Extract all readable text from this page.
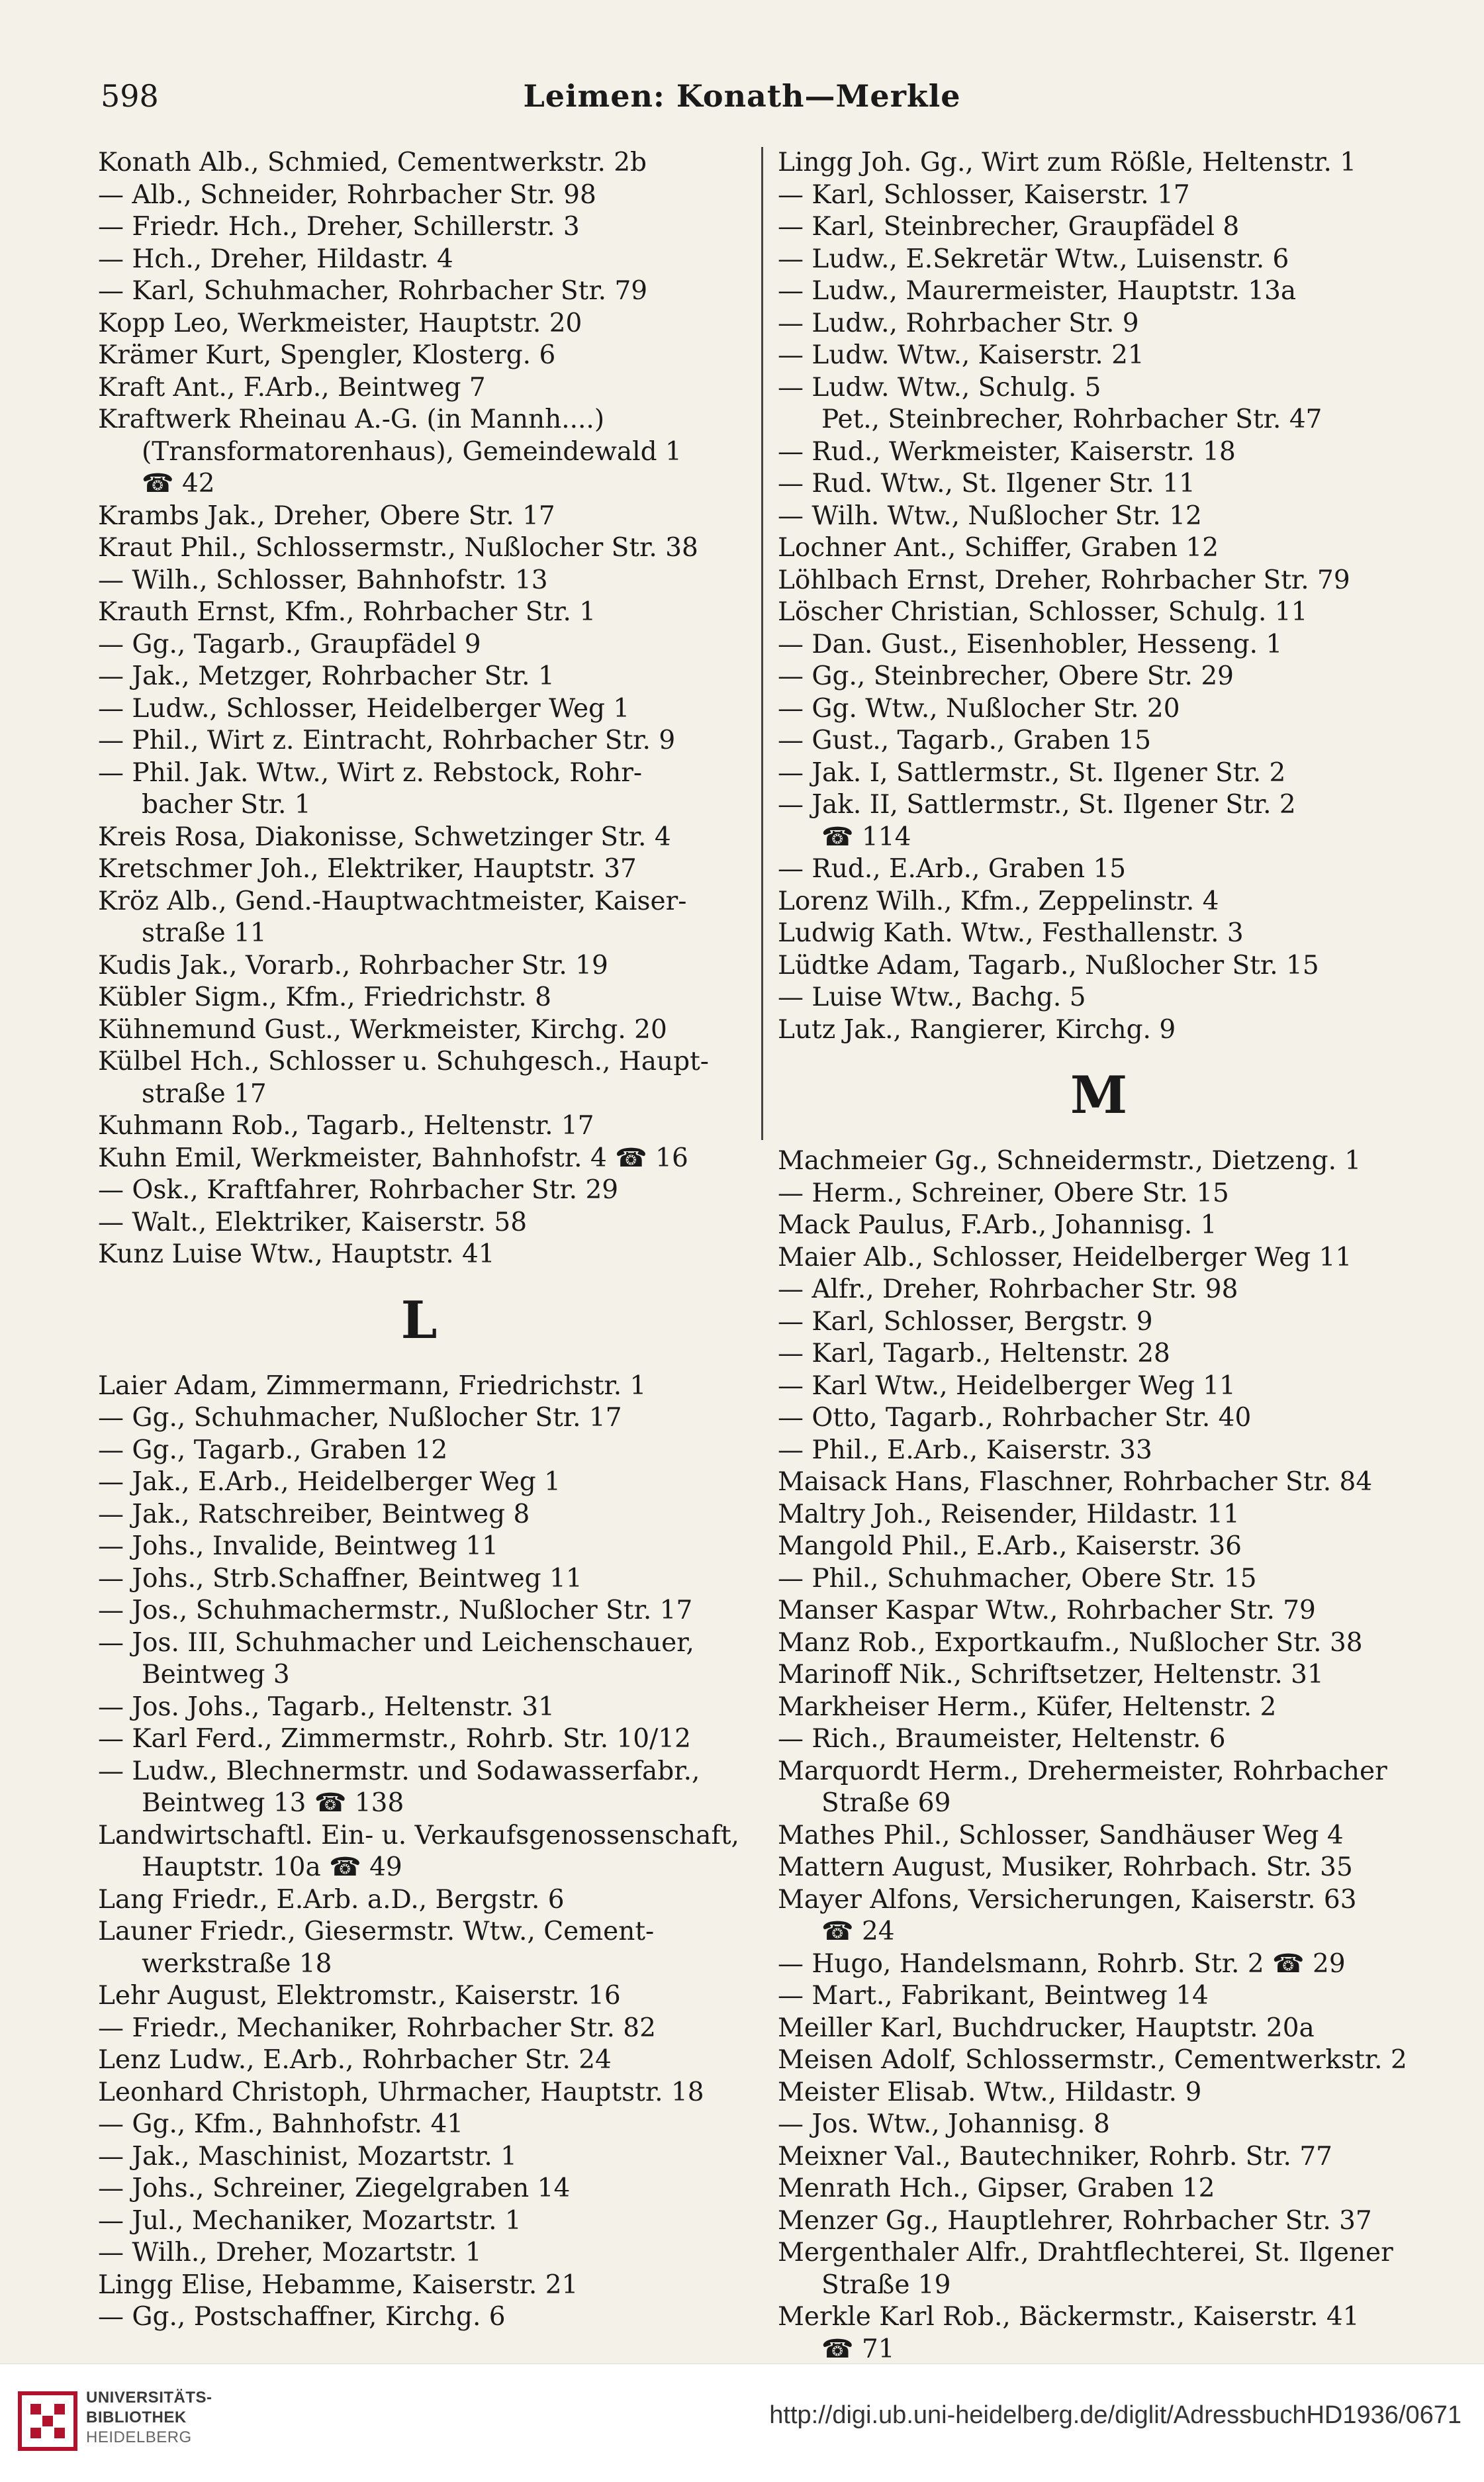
598	Leimen: Konath—Merkle
Konath Alb., Schmied, Cementwerkstr. 2b
— Alb., Schneider, Rohrbacher Str. 98
— Friedr. Hch., Dreher, Schillerstr. 3
— Hch., Dreher, Hildastr. 4
— Karl, Schuhmacher, Rohrbacher Str. 79
Kopp Leo, Werkmeister, Hauptstr. 20
Krämer Kurt, Spengler, Klosterg. 6
Kraft Ant., F.Arb., Beintweg 7
Kraftwerk Rheinau A.-G. (in Mannh....)
(Transformatorenhaus), Gemeindewald 1
☎ 42
Krambs Jak., Dreher, Obere Str. 17
Kraut Phil., Schlossermstr., Nußlocher Str. 38
— Wilh., Schlosser, Bahnhofstr. 13
Krauth Ernst, Kfm., Rohrbacher Str. 1
— Gg., Tagarb., Graupfädel 9
— Jak., Metzger, Rohrbacher Str. 1
— Ludw., Schlosser, Heidelberger Weg 1
— Phil., Wirt z. Eintracht, Rohrbacher Str. 9
— Phil. Jak. Wtw., Wirt z. Rebstock, Rohr-
bacher Str. 1
Kreis Rosa, Diakonisse, Schwetzinger Str. 4
Kretschmer Joh., Elektriker, Hauptstr. 37
Kröz Alb., Gend.-Hauptwachtmeister, Kaiser-
straße 11
Kudis Jak., Vorarb., Rohrbacher Str. 19
Kübler Sigm., Kfm., Friedrichstr. 8
Kühnemund Gust., Werkmeister, Kirchg. 20
Külbel Hch., Schlosser u. Schuhgesch., Haupt-
straße 17
Kuhmann Rob., Tagarb., Heltenstr. 17
Kuhn Emil, Werkmeister, Bahnhofstr. 4 ☎ 16
— Osk., Kraftfahrer, Rohrbacher Str. 29
— Walt., Elektriker, Kaiserstr. 58
Kunz Luise Wtw., Hauptstr. 41
L
Laier Adam, Zimmermann, Friedrichstr. 1
— Gg., Schuhmacher, Nußlocher Str. 17
— Gg., Tagarb., Graben 12
— Jak., E.Arb., Heidelberger Weg 1
— Jak., Ratschreiber, Beintweg 8
— Johs., Invalide, Beintweg 11
— Johs., Strb.Schaffner, Beintweg 11
— Jos., Schuhmachermstr., Nußlocher Str. 17
— Jos. III, Schuhmacher und Leichenschauer,
Beintweg 3
— Jos. Johs., Tagarb., Heltenstr. 31
— Karl Ferd., Zimmermstr., Rohrb. Str. 10/12
— Ludw., Blechnermstr. und Sodawasserfabr.,
Beintweg 13 ☎ 138
Landwirtschaftl. Ein- u. Verkaufsgenossenschaft,
Hauptstr. 10a ☎ 49
Lang Friedr., E.Arb. a.D., Bergstr. 6
Launer Friedr., Giesermstr. Wtw., Cement-
werkstraße 18
Lehr August, Elektromstr., Kaiserstr. 16
— Friedr., Mechaniker, Rohrbacher Str. 82
Lenz Ludw., E.Arb., Rohrbacher Str. 24
Leonhard Christoph, Uhrmacher, Hauptstr. 18
— Gg., Kfm., Bahnhofstr. 41
— Jak., Maschinist, Mozartstr. 1
— Johs., Schreiner, Ziegelgraben 14
— Jul., Mechaniker, Mozartstr. 1
— Wilh., Dreher, Mozartstr. 1
Lingg Elise, Hebamme, Kaiserstr. 21
— Gg., Postschaffner, Kirchg. 6
Lingg Joh. Gg., Wirt zum Rößle, Heltenstr. 1
— Karl, Schlosser, Kaiserstr. 17
— Karl, Steinbrecher, Graupfädel 8
— Ludw., E.Sekretär Wtw., Luisenstr. 6
— Ludw., Maurermeister, Hauptstr. 13a
— Ludw., Rohrbacher Str. 9
— Ludw. Wtw., Kaiserstr. 21
— Ludw. Wtw., Schulg. 5
Pet., Steinbrecher, Rohrbacher Str. 47
— Rud., Werkmeister, Kaiserstr. 18
— Rud. Wtw., St. Ilgener Str. 11
— Wilh. Wtw., Nußlocher Str. 12
Lochner Ant., Schiffer, Graben 12
Löhlbach Ernst, Dreher, Rohrbacher Str. 79
Löscher Christian, Schlosser, Schulg. 11
— Dan. Gust., Eisenhobler, Hesseng. 1
— Gg., Steinbrecher, Obere Str. 29
— Gg. Wtw., Nußlocher Str. 20
— Gust., Tagarb., Graben 15
— Jak. I, Sattlermstr., St. Ilgener Str. 2
— Jak. II, Sattlermstr., St. Ilgener Str. 2
☎ 114
— Rud., E.Arb., Graben 15
Lorenz Wilh., Kfm., Zeppelinstr. 4
Ludwig Kath. Wtw., Festhallenstr. 3
Lüdtke Adam, Tagarb., Nußlocher Str. 15
— Luise Wtw., Bachg. 5
Lutz Jak., Rangierer, Kirchg. 9
M
Machmeier Gg., Schneidermstr., Dietzeng. 1
— Herm., Schreiner, Obere Str. 15
Mack Paulus, F.Arb., Johannisg. 1
Maier Alb., Schlosser, Heidelberger Weg 11
— Alfr., Dreher, Rohrbacher Str. 98
— Karl, Schlosser, Bergstr. 9
— Karl, Tagarb., Heltenstr. 28
— Karl Wtw., Heidelberger Weg 11
— Otto, Tagarb., Rohrbacher Str. 40
— Phil., E.Arb., Kaiserstr. 33
Maisack Hans, Flaschner, Rohrbacher Str. 84
Maltry Joh., Reisender, Hildastr. 11
Mangold Phil., E.Arb., Kaiserstr. 36
— Phil., Schuhmacher, Obere Str. 15
Manser Kaspar Wtw., Rohrbacher Str. 79
Manz Rob., Exportkaufm., Nußlocher Str. 38
Marinoff Nik., Schriftsetzer, Heltenstr. 31
Markheiser Herm., Küfer, Heltenstr. 2
— Rich., Braumeister, Heltenstr. 6
Marquordt Herm., Drehermeister, Rohrbacher
Straße 69
Mathes Phil., Schlosser, Sandhäuser Weg 4
Mattern August, Musiker, Rohrbach. Str. 35
Mayer Alfons, Versicherungen, Kaiserstr. 63
☎ 24
— Hugo, Handelsmann, Rohrb. Str. 2 ☎ 29
— Mart., Fabrikant, Beintweg 14
Meiller Karl, Buchdrucker, Hauptstr. 20a
Meisen Adolf, Schlossermstr., Cementwerkstr. 2
Meister Elisab. Wtw., Hildastr. 9
— Jos. Wtw., Johannisg. 8
Meixner Val., Bautechniker, Rohrb. Str. 77
Menrath Hch., Gipser, Graben 12
Menzer Gg., Hauptlehrer, Rohrbacher Str. 37
Mergenthaler Alfr., Drahtflechterei, St. Ilgener
Straße 19
Merkle Karl Rob., Bäckermstr., Kaiserstr. 41
☎ 71
UNIVERSITÄTS-
BIBLIOTHEK
HEIDELBERG
http://digi.ub.uni-heidelberg.de/diglit/AdressbuchHD1936/0671
